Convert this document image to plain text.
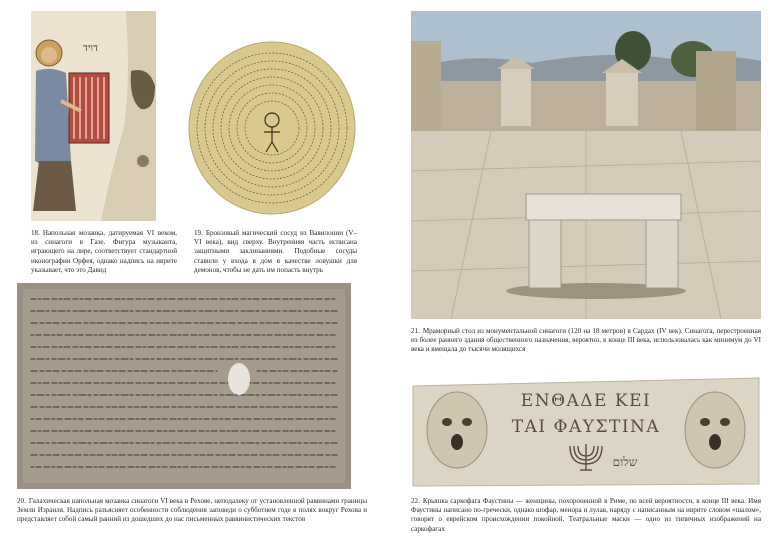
דויד
ΕΝΘΑΔΕ ΚΕΙ
ΤΑΙ ΦΑΥΣΤΙΝΑ
שלום
18. Напольная мозаика, датируемая VI веком, из синагоги в Газе. Фигура музыканта, играющего на лире, соответствует стандартной иконографии Орфея, однако надпись на иврите указывает, что это Давид
19. Бронзовый магический сосуд из Вавилонии (V–VI века), вид сверху. Внутренняя часть исписана защитными заклинаниями. Подобные сосуды ставили у входа в дом в качестве ловушки для демонов, чтобы не дать им попасть внутрь
20. Галахическая напольная мозаика синагоги VI века в Рехове, неподалеку от установленной раввинами границы Земли Израиля. Надпись разъясняет особенности соблюдения заповеди о субботнем годе в полях вокруг Рехова и представляет собой самый ранний из дошедших до нас письменных раввинистических текстов
21. Мраморный стол из монументальной синагоги (120 на 18 метров) в Сардах (IV век). Синагога, перестроенная из более раннего здания общественного назначения, вероятно, в конце III века, использовалась как минимум до VI века и вмещала до тысячи молящихся
22. Крышка саркофага Фаустины — женщины, похороненной в Риме, по всей вероятности, в конце III века. Имя Фаустины написано по-гречески, однако шофар, менора и лулав, наряду с написанным на иврите словом «шалом», говорят о еврейском происхождении покойной. Театральные маски — одно из типичных изображений на саркофагах
